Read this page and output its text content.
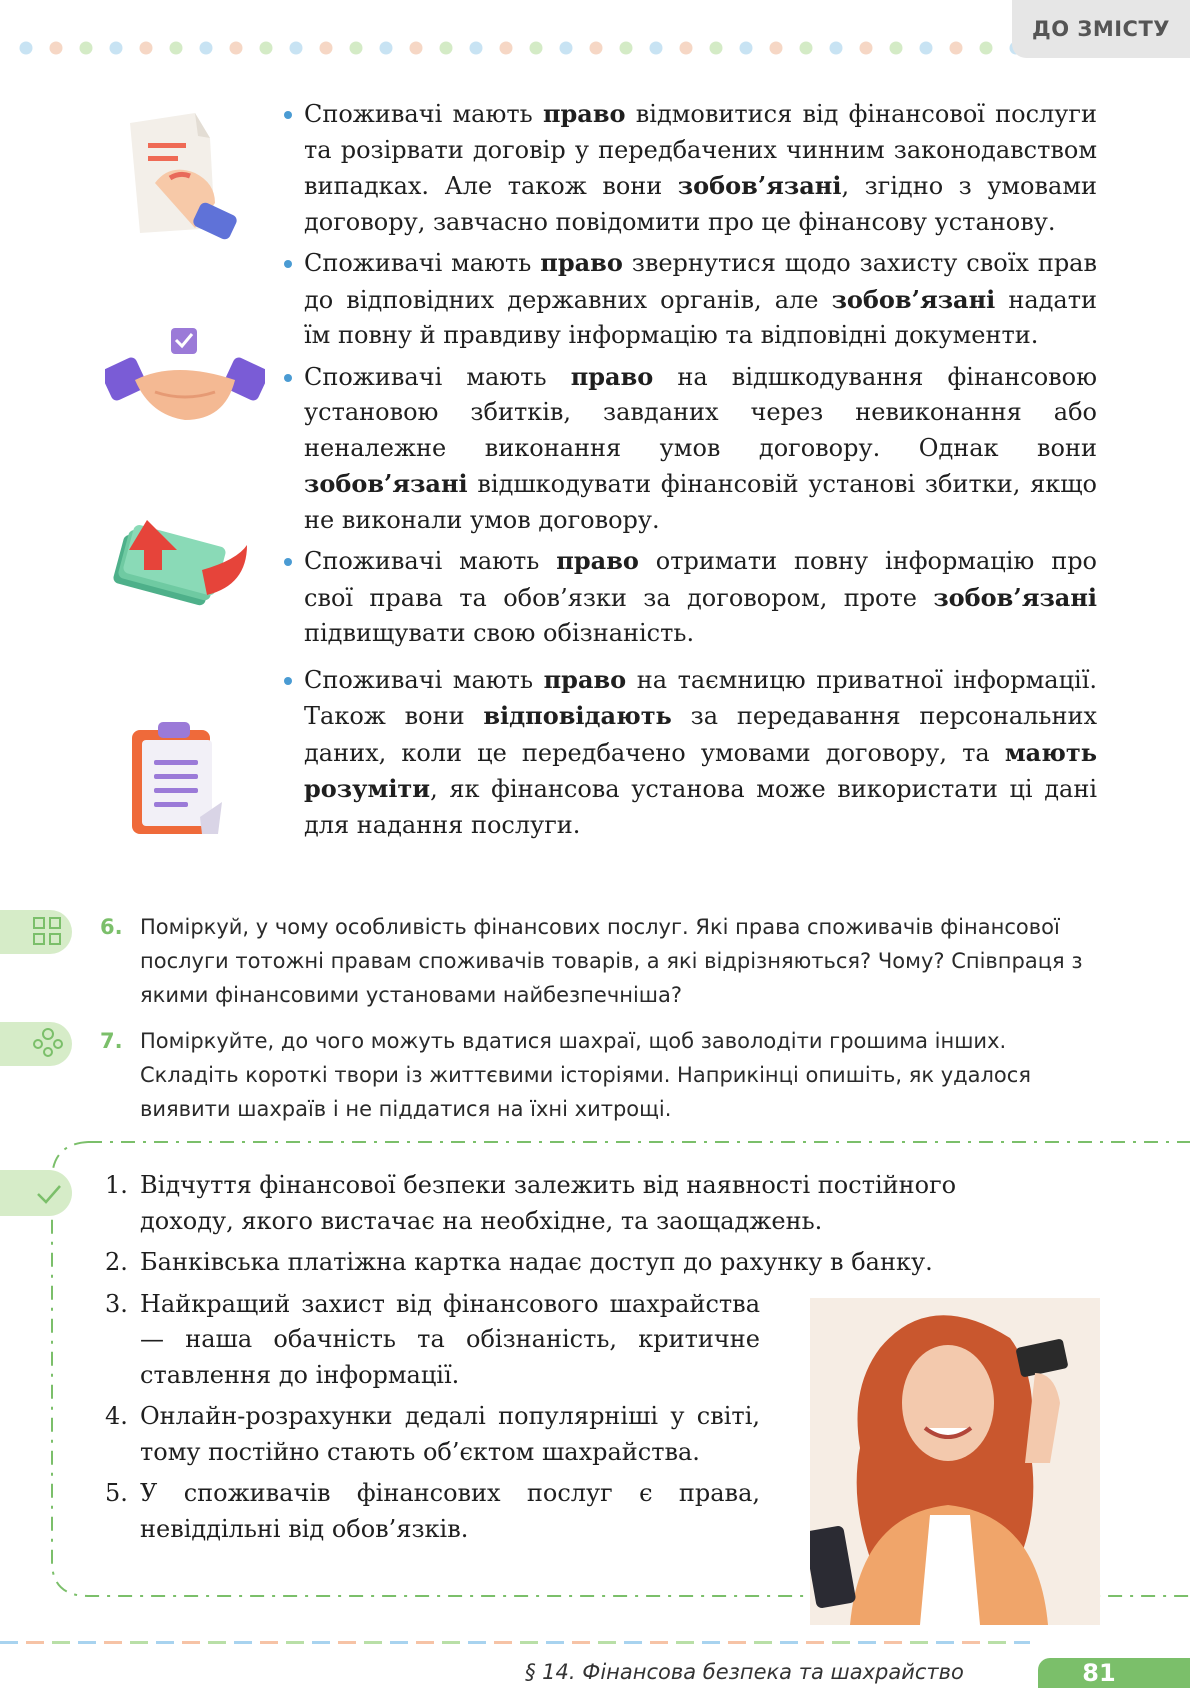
ДО ЗМІСТУ
Споживачі мають право відмовитися від фінансової послуги та розірвати договір у передбачених чинним законодавством випадках. Але також вони зобов’язані, згідно з умовами договору, завчасно повідомити про це фінансову установу.
Споживачі мають право звернутися щодо захисту своїх прав до відповідних державних органів, але зобов’язані надати їм повну й правдиву інформацію та відповідні документи.
Споживачі мають право на відшкодування фінансовою установою збитків, завданих через невиконання або неналежне виконання умов договору. Однак вони зобов’язані відшкодувати фінансовій установі збитки, якщо не виконали умов договору.
Споживачі мають право отримати повну інформацію про свої права та обов’язки за договором, проте зобов’язані підвищувати свою обізнаність.
Споживачі мають право на таємницю приватної інформації. Також вони відповідають за передавання персональних даних, коли це передбачено умовами договору, та мають розуміти, як фінансова установа може використати ці дані для надання послуги.
6. Поміркуй, у чому особливість фінансових послуг. Які права споживачів фінансової послуги тотожні правам споживачів товарів, а які відрізняються? Чому? Співпраця з якими фінансовими установами найбезпечніша?
7. Поміркуйте, до чого можуть вдатися шахраї, щоб заволодіти грошима інших. Складіть короткі твори із життєвими історіями. Наприкінці опишіть, як удалося виявити шахраїв і не піддатися на їхні хитрощі.
1. Відчуття фінансової безпеки залежить від наявності постійного доходу, якого вистачає на необхідне, та заощаджень.
2. Банківська платіжна картка надає доступ до рахунку в банку.
3. Найкращий захист від фінансового шахрайства — наша обачність та обізнаність, критичне ставлення до інформації.
4. Онлайн-розрахунки дедалі популярніші у світі, тому постійно стають об’єктом шахрайства.
5. У споживачів фінансових послуг є права, невіддільні від обов’язків.
§ 14. Фінансова безпека та шахрайство	81
